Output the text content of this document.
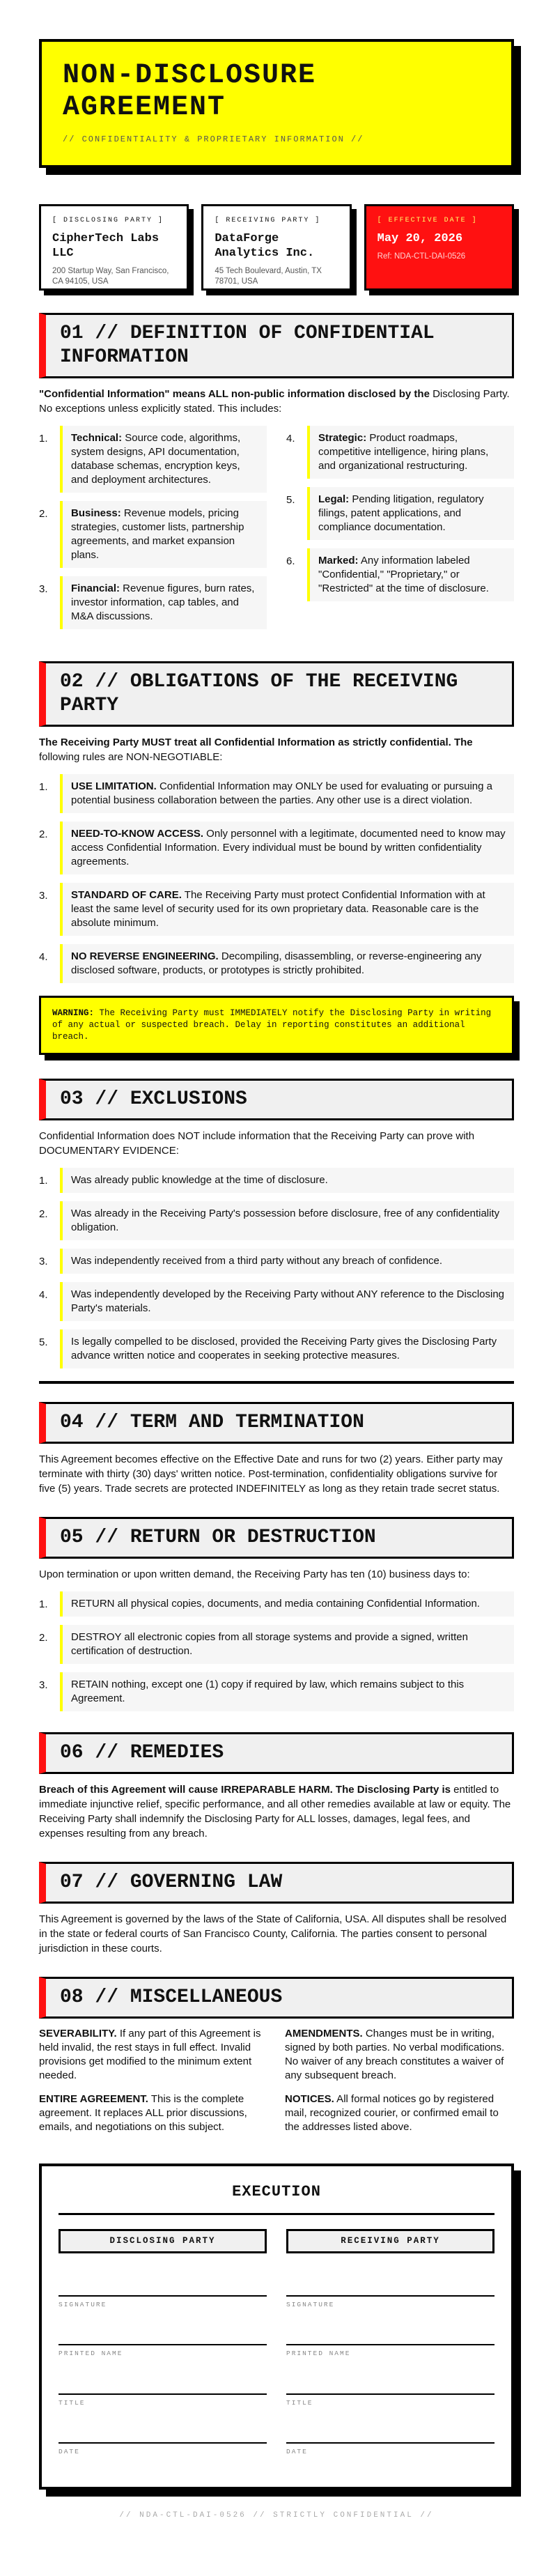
NON-DISCLOSURE AGREEMENT
// CONFIDENTIALITY & PROPRIETARY INFORMATION //
[ DISCLOSING PARTY ]
CipherTech Labs LLC
200 Startup Way, San Francisco, CA 94105, USA
[ RECEIVING PARTY ]
DataForge Analytics Inc.
45 Tech Boulevard, Austin, TX 78701, USA
[ EFFECTIVE DATE ]
May 20, 2026
Ref: NDA-CTL-DAI-0526
01 // DEFINITION OF CONFIDENTIAL INFORMATION

"Confidential Information" means ALL non-public information disclosed by the Disclosing Party. No exceptions unless explicitly stated. This includes:

1.	Technical: Source code, algorithms, system designs, API documentation, database schemas, encryption keys, and deployment architectures.
2.	Business: Revenue models, pricing strategies, customer lists, partnership agreements, and market expansion plans.
3.	Financial: Revenue figures, burn rates, investor information, cap tables, and M&A discussions.
4.	Strategic: Product roadmaps, competitive intelligence, hiring plans, and organizational restructuring.
5.	Legal: Pending litigation, regulatory filings, patent applications, and compliance documentation.
6.	Marked: Any information labeled "Confidential," "Proprietary," or "Restricted" at the time of disclosure.
02 // OBLIGATIONS OF THE RECEIVING PARTY

The Receiving Party MUST treat all Confidential Information as strictly confidential. The following rules are NON-NEGOTIABLE:

1.	USE LIMITATION. Confidential Information may ONLY be used for evaluating or pursuing a potential business collaboration between the parties. Any other use is a direct violation.
2.	NEED-TO-KNOW ACCESS. Only personnel with a legitimate, documented need to know may access Confidential Information. Every individual must be bound by written confidentiality agreements.
3.	STANDARD OF CARE. The Receiving Party must protect Confidential Information with at least the same level of security used for its own proprietary data. Reasonable care is the absolute minimum.
4.	NO REVERSE ENGINEERING. Decompiling, disassembling, or reverse-engineering any disclosed software, products, or prototypes is strictly prohibited.
WARNING: The Receiving Party must IMMEDIATELY notify the Disclosing Party in writing of any actual or suspected breach. Delay in reporting constitutes an additional breach.
03 // EXCLUSIONS

Confidential Information does NOT include information that the Receiving Party can prove with DOCUMENTARY EVIDENCE:

1.	Was already public knowledge at the time of disclosure.
2.	Was already in the Receiving Party's possession before disclosure, free of any confidentiality obligation.
3.	Was independently received from a third party without any breach of confidence.
4.	Was independently developed by the Receiving Party without ANY reference to the Disclosing Party's materials.
5.	Is legally compelled to be disclosed, provided the Receiving Party gives the Disclosing Party advance written notice and cooperates in seeking protective measures.
04 // TERM AND TERMINATION

This Agreement becomes effective on the Effective Date and runs for two (2) years. Either party may terminate with thirty (30) days' written notice. Post-termination, confidentiality obligations survive for five (5) years. Trade secrets are protected INDEFINITELY as long as they retain trade secret status.

05 // RETURN OR DESTRUCTION

Upon termination or upon written demand, the Receiving Party has ten (10) business days to:

1.	RETURN all physical copies, documents, and media containing Confidential Information.
2.	DESTROY all electronic copies from all storage systems and provide a signed, written certification of destruction.
3.	RETAIN nothing, except one (1) copy if required by law, which remains subject to this Agreement.
06 // REMEDIES

Breach of this Agreement will cause IRREPARABLE HARM. The Disclosing Party is entitled to immediate injunctive relief, specific performance, and all other remedies available at law or equity. The Receiving Party shall indemnify the Disclosing Party for ALL losses, damages, legal fees, and expenses resulting from any breach.

07 // GOVERNING LAW

This Agreement is governed by the laws of the State of California, USA. All disputes shall be resolved in the state or federal courts of San Francisco County, California. The parties consent to personal jurisdiction in these courts.

08 // MISCELLANEOUS

SEVERABILITY. If any part of this Agreement is held invalid, the rest stays in full effect. Invalid provisions get modified to the minimum extent needed.

ENTIRE AGREEMENT. This is the complete agreement. It replaces ALL prior discussions, emails, and negotiations on this subject.

AMENDMENTS. Changes must be in writing, signed by both parties. No verbal modifications. No waiver of any breach constitutes a waiver of any subsequent breach.

NOTICES. All formal notices go by registered mail, recognized courier, or confirmed email to the addresses listed above.

EXECUTION
DISCLOSING PARTY
SIGNATURE
PRINTED NAME
TITLE
DATE
RECEIVING PARTY
SIGNATURE
PRINTED NAME
TITLE
DATE
// NDA-CTL-DAI-0526 // STRICTLY CONFIDENTIAL //
